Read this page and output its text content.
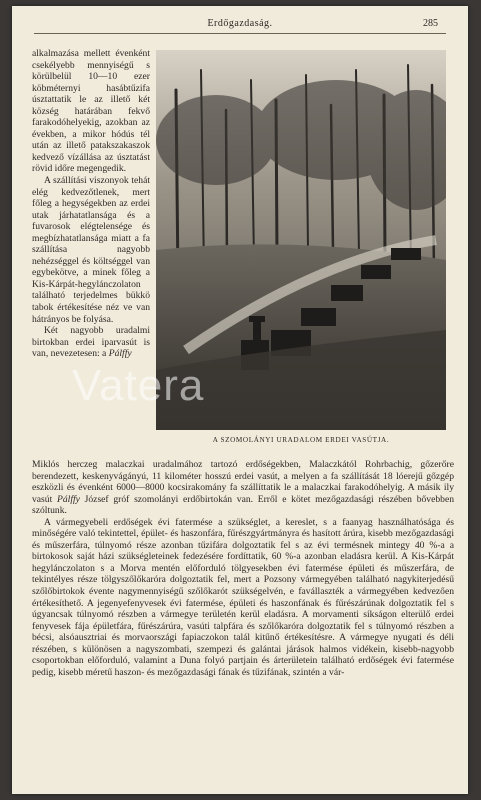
Erdőgazdaság.	285

alkalmazása mellett évenként csekélyebb mennyiségű s körülbelül 10—10 ezer köbméternyi hasábtűzifa úsztattatik le az illető két község határában fekvő farakodóhelyekig, azokban az években, a mikor hódús tél után az illető patakszakaszok kedvező vízállása az úsztatást rövid időre megengedik.

A szállítási viszonyok tehát elég kedvezőtlenek, mert főleg a hegységekben az erdei utak járhatatlansága és a fuvarosok elégtelensége és megbízhatatlansága miatt a fa szállítása nagyobb nehézséggel és költséggel van egybekötve, a minek főleg a Kis-Kárpát-hegylánczolaton található terjedelmes bükkö tabok értékesítése néz ve van hátrányos be folyása.

Két nagyobb uradalmi birtokban erdei iparvasút is van, nevezetesen: a Pálffy

A SZOMOLÁNYI URADALOM ERDEI VASÚTJA.
Vatera

Miklós herczeg malaczkai uradalmához tartozó erdőségekben, Malaczkától Rohrbachig, gőzerőre berendezett, keskenyvágányú, 11 kilométer hosszú erdei vasút, a melyen a fa szállítását 18 lóerejű gőzgép eszközli és évenként 6000—8000 kocsirakomány fa szállíttatik le a malaczkai farakodóhelyig. A másik ily vasút Pálffy József gróf szomolányi erdőbirtokán van. Erről e kötet mezőgazdasági részében bővebben szóltunk.

A vármegyebeli erdőségek évi fatermése a szükséglet, a kereslet, s a faanyag használhatósága és minőségére való tekintettel, épület- és haszonfára, fűrészgyártmányra és hasított árúra, kisebb mezőgazdasági és műszerfára, túlnyomó része azonban tűzifára dolgoztatik fel s az évi termésnek mintegy 40 %-a a birtokosok saját házi szükségleteinek fedezésére fordíttatik, 60 %-a azonban eladásra kerül. A Kis-Kárpát hegylánczolaton s a Morva mentén előforduló tölgyesekben évi fatermése épületi és műszerfára, de tekintélyes része tölgyszőlőkaróra dolgoztatik fel, mert a Pozsony vármegyében található nagykiterjedésű szőlőbirtokok évente nagymennyiségű szőlőkarót szükségelvén, e favállaszték a vármegyében kedvezően értékesíthető. A jegenyefenyvesek évi fatermése, épületi és haszonfának és fűrészárúnak dolgoztatik fel s úgyancsak túlnyomó részben a vármegye területén kerül eladásra. A morvamenti síkságon elterülő erdei fenyvesek fája épületfára, fűrészárúra, vasúti talpfára és szőlőkaróra dolgoztatik fel s túlnyomó részben a bécsi, alsóausztriai és morvaországi fapiaczokon talál kitűnő értékesítésre. A vármegye nyugati és déli részében, s különösen a nagyszombati, szempezi és galántai járások halmos vidékein, kisebb-nagyobb csoportokban előforduló, valamint a Duna folyó partjain és árterületein található erdőségek évi fatermése pedig, kisebb méretű haszon- és mezőgazdasági fának és tűzifának, szintén a vár-
